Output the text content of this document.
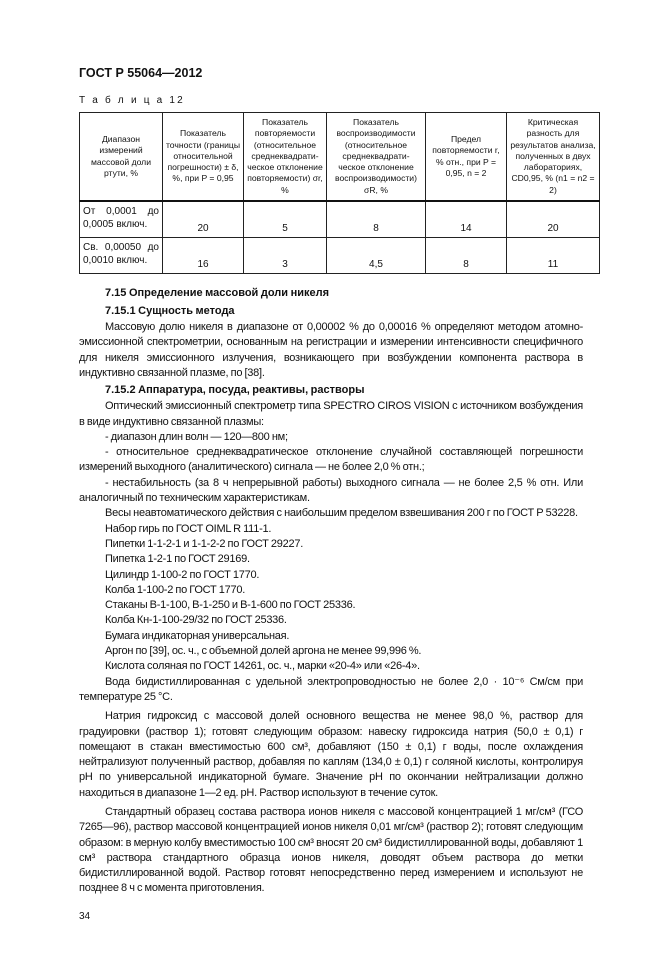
ГОСТ Р 55064—2012
Т а б л и ц а 12
Диапазон измерений массовой доли ртути, %	Показатель точности (границы относительной погрешности) ± δ, %, при P = 0,95	Показатель повторяемости (относительное среднеквадрати-ческое отклонение повторяемости) σr, %	Показатель воспроизводимости (относительное среднеквадрати-ческое отклонение воспроизводимости) σR, %	Предел повторяемости r, % отн., при P = 0,95, n = 2	Критическая разность для результатов анализа, полученных в двух лабораториях, CD0,95, % (n1 = n2 = 2)
От 0,0001 до 0,0005 включ.	20	5	8	14	20
Св. 0,00050 до 0,0010 включ.	16	3	4,5	8	11
7.15 Определение массовой доли никеля
7.15.1 Сущность метода

Массовую долю никеля в диапазоне от 0,00002 % до 0,00016 % определяют методом атомно-эмиссионной спектрометрии, основанным на регистрации и измерении интенсивности специфичного для никеля эмиссионного излучения, возникающего при возбуждении компонента раствора в индуктивно связанной плазме, по [38].

7.15.2 Аппаратура, посуда, реактивы, растворы

Оптический эмиссионный спектрометр типа SPECTRO CIROS VISION с источником возбуждения в виде индуктивно связанной плазмы:

- диапазон длин волн — 120—800 нм;

- относительное среднеквадратическое отклонение случайной составляющей погрешности измерений выходного (аналитического) сигнала — не более 2,0 % отн.;

- нестабильность (за 8 ч непрерывной работы) выходного сигнала — не более 2,5 % отн. Или аналогичный по техническим характеристикам.

Весы неавтоматического действия с наибольшим пределом взвешивания 200 г по ГОСТ Р 53228.

Набор гирь по ГОСТ OIML R 111-1.

Пипетки 1-1-2-1 и 1-1-2-2 по ГОСТ 29227.

Пипетка 1-2-1 по ГОСТ 29169.

Цилиндр 1-100-2 по ГОСТ 1770.

Колба 1-100-2 по ГОСТ 1770.

Стаканы В-1-100, В-1-250 и В-1-600 по ГОСТ 25336.

Колба Кн-1-100-29/32 по ГОСТ 25336.

Бумага индикаторная универсальная.

Аргон по [39], ос. ч., с объемной долей аргона не менее 99,996 %.

Кислота соляная по ГОСТ 14261, ос. ч., марки «20-4» или «26-4».

Вода бидистиллированная с удельной электропроводностью не более 2,0 · 10⁻⁶ См/см при температуре 25 °С.

Натрия гидроксид с массовой долей основного вещества не менее 98,0 %, раствор для градуировки (раствор 1); готовят следующим образом: навеску гидроксида натрия (50,0 ± 0,1) г помещают в стакан вместимостью 600 см³, добавляют (150 ± 0,1) г воды, после охлаждения нейтрализуют полученный раствор, добавляя по каплям (134,0 ± 0,1) г соляной кислоты, контролируя pH по универсальной индикаторной бумаге. Значение pH по окончании нейтрализации должно находиться в диапазоне 1—2 ед. pH. Раствор используют в течение суток.

Стандартный образец состава раствора ионов никеля с массовой концентрацией 1 мг/см³ (ГСО 7265—96), раствор массовой концентрацией ионов никеля 0,01 мг/см³ (раствор 2); готовят следующим образом: в мерную колбу вместимостью 100 см³ вносят 20 см³ бидистиллированной воды, добавляют 1 см³ раствора стандартного образца ионов никеля, доводят объем раствора до метки бидистиллированной водой. Раствор готовят непосредственно перед измерением и используют не позднее 8 ч с момента приготовления.

34
